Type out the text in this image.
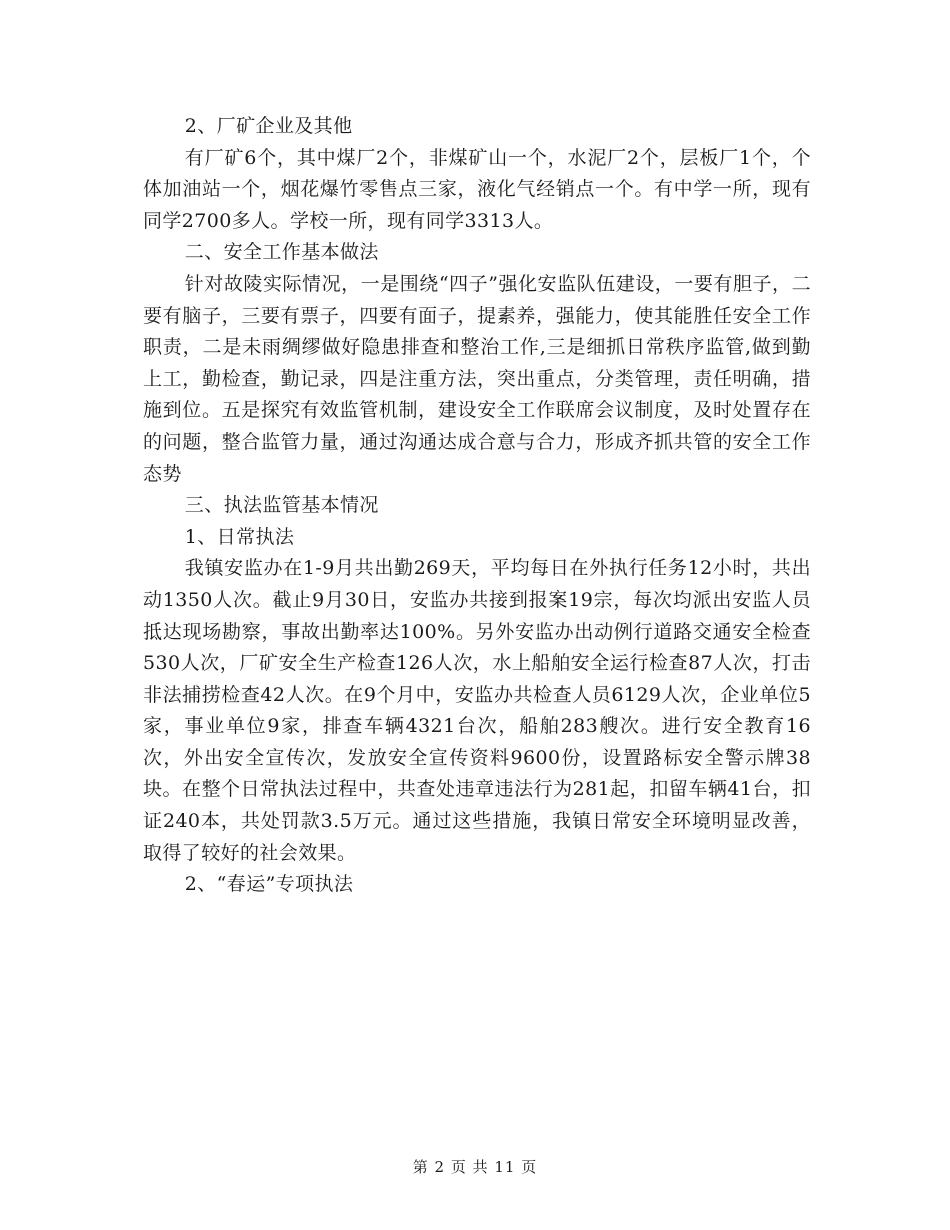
2、厂矿企业及其他

有厂矿6个，其中煤厂2个，非煤矿山一个，水泥厂2个，层板厂1个，个体加油站一个，烟花爆竹零售点三家，液化气经销点一个。有中学一所，现有同学2700多人。学校一所，现有同学3313人。

二、安全工作基本做法

针对故陵实际情况，一是围绕“四子”强化安监队伍建设，一要有胆子，二要有脑子，三要有票子，四要有面子，提素养，强能力，使其能胜任安全工作职责，二是未雨绸缪做好隐患排查和整治工作,三是细抓日常秩序监管,做到勤上工，勤检查，勤记录，四是注重方法，突出重点，分类管理，责任明确，措施到位。五是探究有效监管机制，建设安全工作联席会议制度，及时处置存在的问题，整合监管力量，通过沟通达成合意与合力，形成齐抓共管的安全工作态势

三、执法监管基本情况

1、日常执法

我镇安监办在1-9月共出勤269天，平均每日在外执行任务12小时，共出动1350人次。截止9月30日，安监办共接到报案19宗，每次均派出安监人员抵达现场勘察，事故出勤率达100%。另外安监办出动例行道路交通安全检查530人次，厂矿安全生产检查126人次，水上船舶安全运行检查87人次，打击非法捕捞检查42人次。在9个月中，安监办共检查人员6129人次，企业单位5家，事业单位9家，排查车辆4321台次，船舶283艘次。进行安全教育16次，外出安全宣传次，发放安全宣传资料9600份，设置路标安全警示牌38块。在整个日常执法过程中，共查处违章违法行为281起，扣留车辆41台，扣证240本，共处罚款3.5万元。通过这些措施，我镇日常安全环境明显改善，取得了较好的社会效果。

2、“春运”专项执法

第 2 页 共 11 页
